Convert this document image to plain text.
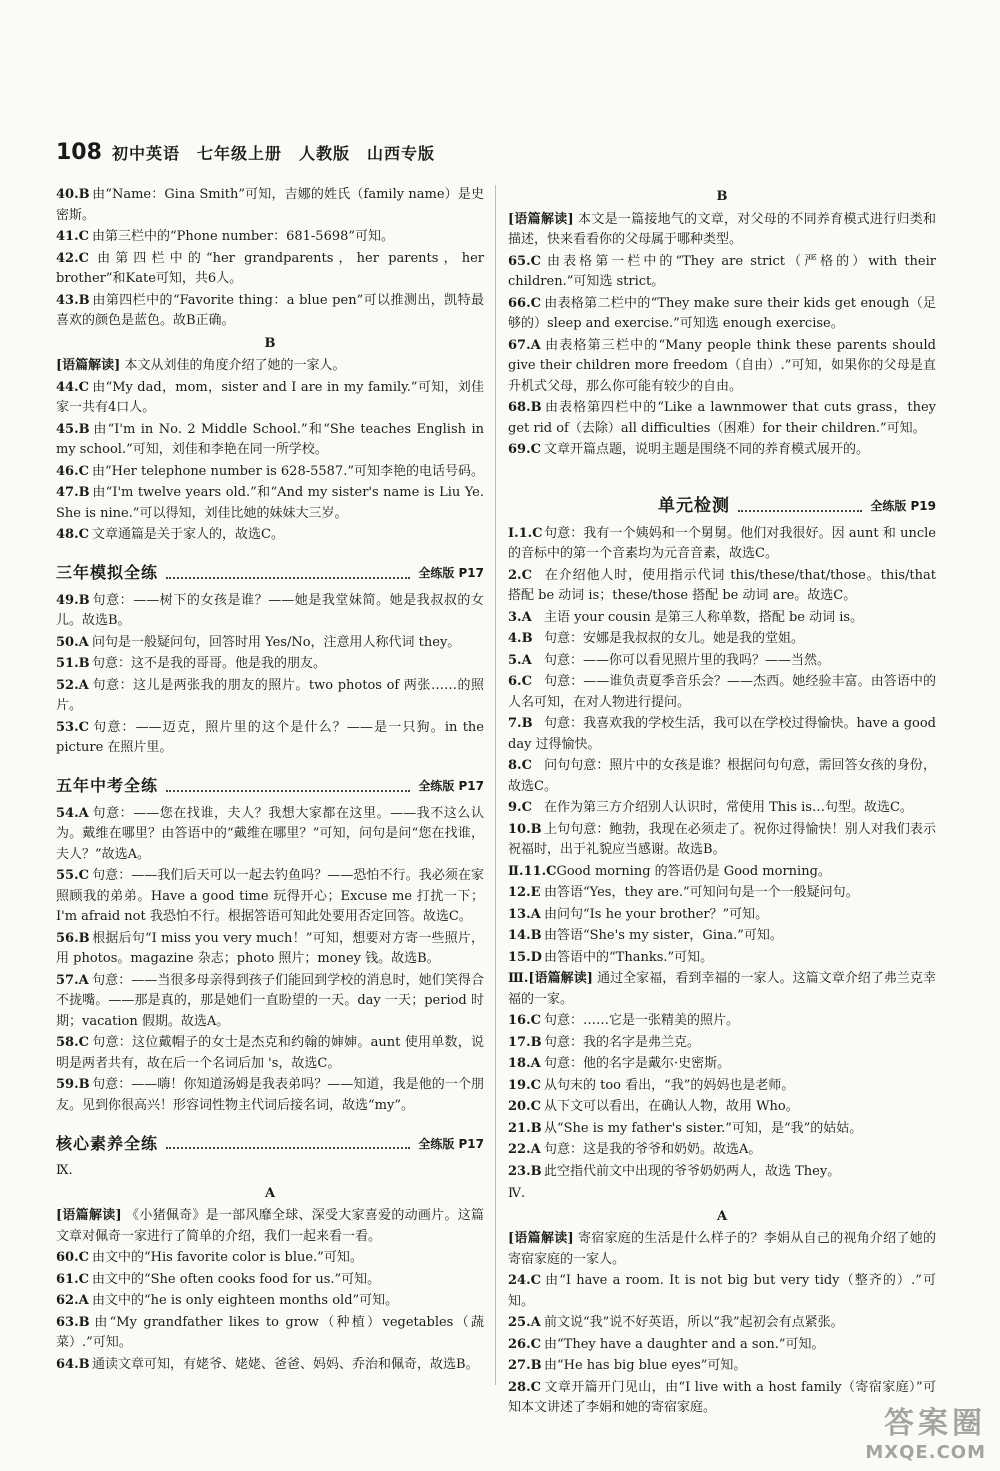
108 初中英语　七年级上册　人教版　山西专版
40.B 由“Name：Gina Smith”可知，吉娜的姓氏（family name）是史密斯。
41.C 由第三栏中的“Phone number：681-5698”可知。
42.C 由第四栏中的“her grandparents，her parents，her brother”和Kate可知，共6人。
43.B 由第四栏中的“Favorite thing：a blue pen”可以推测出，凯特最喜欢的颜色是蓝色。故B正确。
B
[语篇解读] 本文从刘佳的角度介绍了她的一家人。
44.C 由“My dad，mom，sister and I are in my family.”可知，刘佳家一共有4口人。
45.B 由“I'm in No. 2 Middle School.”和“She teaches English in my school.”可知，刘佳和李艳在同一所学校。
46.C 由“Her telephone number is 628-5587.”可知李艳的电话号码。
47.B 由“I'm twelve years old.”和“And my sister's name is Liu Ye. She is nine.”可以得知，刘佳比她的妹妹大三岁。
48.C 文章通篇是关于家人的，故选C。
三年模拟全练	全练版 P17
49.B 句意：——树下的女孩是谁？——她是我堂妹简。她是我叔叔的女儿。故选B。
50.A 问句是一般疑问句，回答时用 Yes/No，注意用人称代词 they。
51.B 句意：这不是我的哥哥。他是我的朋友。
52.A 句意：这儿是两张我的朋友的照片。two photos of 两张……的照片。
53.C 句意：——迈克，照片里的这个是什么？——是一只狗。in the picture 在照片里。
五年中考全练	全练版 P17
54.A 句意：——您在找谁，夫人？我想大家都在这里。——我不这么认为。戴维在哪里？由答语中的“戴维在哪里？”可知，问句是问“您在找谁，夫人？”故选A。
55.C 句意：——我们后天可以一起去钓鱼吗？——恐怕不行。我必须在家照顾我的弟弟。Have a good time 玩得开心；Excuse me 打扰一下；I'm afraid not 我恐怕不行。根据答语可知此处要用否定回答。故选C。
56.B 根据后句“I miss you very much！”可知，想要对方寄一些照片，用 photos。magazine 杂志；photo 照片；money 钱。故选B。
57.A 句意：——当很多母亲得到孩子们能回到学校的消息时，她们笑得合不拢嘴。——那是真的，那是她们一直盼望的一天。day 一天；period 时期；vacation 假期。故选A。
58.C 句意：这位戴帽子的女士是杰克和约翰的婶婶。aunt 使用单数，说明是两者共有，故在后一个名词后加 's，故选C。
59.B 句意：——嗨！你知道汤姆是我表弟吗？——知道，我是他的一个朋友。见到你很高兴！形容词性物主代词后接名词，故选“my”。
核心素养全练	全练版 P17
Ⅸ.
A
[语篇解读] 《小猪佩奇》是一部风靡全球、深受大家喜爱的动画片。这篇文章对佩奇一家进行了简单的介绍，我们一起来看一看。
60.C 由文中的“His favorite color is blue.”可知。
61.C 由文中的“She often cooks food for us.”可知。
62.A 由文中的“he is only eighteen months old”可知。
63.B 由“My grandfather likes to grow（种植）vegetables（蔬菜）.”可知。
64.B 通读文章可知，有姥爷、姥姥、爸爸、妈妈、乔治和佩奇，故选B。
B
[语篇解读] 本文是一篇接地气的文章，对父母的不同养育模式进行归类和描述，快来看看你的父母属于哪种类型。
65.C 由表格第一栏中的“They are strict（严格的）with their children.”可知选 strict。
66.C 由表格第二栏中的“They make sure their kids get enough（足够的）sleep and exercise.”可知选 enough exercise。
67.A 由表格第三栏中的“Many people think these parents should give their children more freedom（自由）.”可知，如果你的父母是直升机式父母，那么你可能有较少的自由。
68.B 由表格第四栏中的“Like a lawnmower that cuts grass，they get rid of（去除）all difficulties（困难）for their children.”可知。
69.C 文章开篇点题，说明主题是围绕不同的养育模式展开的。
单元检测	全练版 P19
Ⅰ.1.C句意：我有一个姨妈和一个舅舅。他们对我很好。因 aunt 和 uncle 的音标中的第一个音素均为元音音素，故选C。
2.C 在介绍他人时，使用指示代词 this/these/that/those。this/that 搭配 be 动词 is；these/those 搭配 be 动词 are。故选C。
3.A 主语 your cousin 是第三人称单数，搭配 be 动词 is。
4.B 句意：安娜是我叔叔的女儿。她是我的堂姐。
5.A 句意：——你可以看见照片里的我吗？——当然。
6.C 句意：——谁负责夏季音乐会？——杰西。她经验丰富。由答语中的人名可知，在对人物进行提问。
7.B 句意：我喜欢我的学校生活，我可以在学校过得愉快。have a good day 过得愉快。
8.C 问句句意：照片中的女孩是谁？根据问句句意，需回答女孩的身份，故选C。
9.C 在作为第三方介绍别人认识时，常使用 This is…句型。故选C。
10.B 上句句意：鲍勃，我现在必须走了。祝你过得愉快！别人对我们表示祝福时，出于礼貌应当感谢。故选B。
Ⅱ.11.CGood morning 的答语仍是 Good morning。
12.E 由答语“Yes，they are.”可知问句是一个一般疑问句。
13.A 由问句“Is he your brother？”可知。
14.B 由答语“She's my sister，Gina.”可知。
15.D 由答语中的“Thanks.”可知。
Ⅲ.[语篇解读] 通过全家福，看到幸福的一家人。这篇文章介绍了弗兰克幸福的一家。
16.C 句意：……它是一张精美的照片。
17.B 句意：我的名字是弗兰克。
18.A 句意：他的名字是戴尔·史密斯。
19.C 从句末的 too 看出，“我”的妈妈也是老师。
20.C 从下文可以看出，在确认人物，故用 Who。
21.B 从“She is my father's sister.”可知，是“我”的姑姑。
22.A 句意：这是我的爷爷和奶奶。故选A。
23.B 此空指代前文中出现的爷爷奶奶两人，故选 They。
Ⅳ.
A
[语篇解读] 寄宿家庭的生活是什么样子的？李娟从自己的视角介绍了她的寄宿家庭的一家人。
24.C 由“I have a room. It is not big but very tidy（整齐的）.”可知。
25.A 前文说“我”说不好英语，所以“我”起初会有点紧张。
26.C 由“They have a daughter and a son.”可知。
27.B 由“He has big blue eyes”可知。
28.C 文章开篇开门见山，由“I live with a host family（寄宿家庭）”可知本文讲述了李娟和她的寄宿家庭。	答案圈
MXQE.COM
